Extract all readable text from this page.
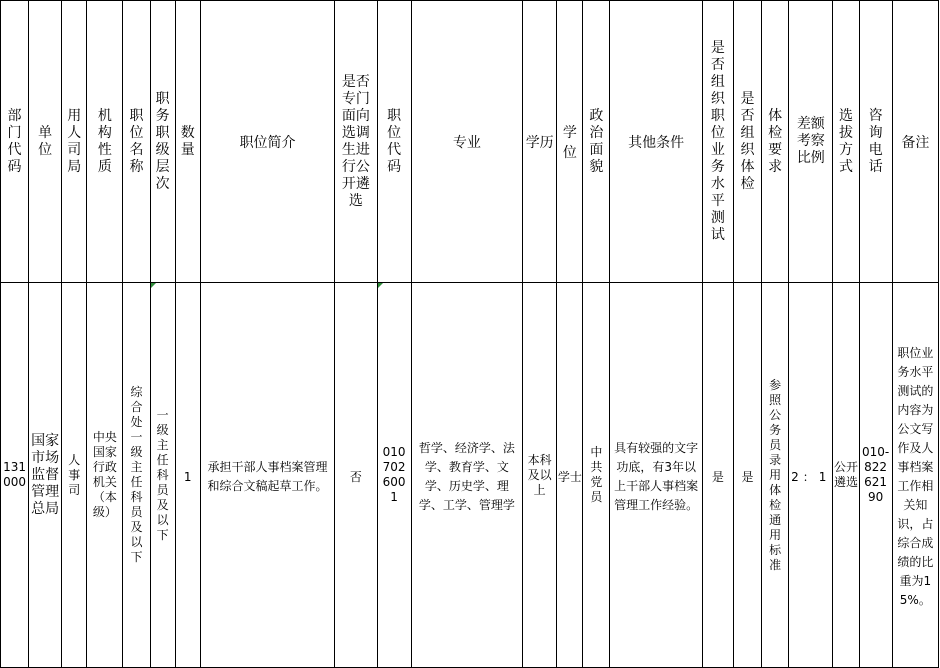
部门代码	单位	用人司局	机构性质	职位名称	职务职级层次	数量	职位简介	是否专门面向选调生进行公开遴选	职位代码	专业	学历	学位	政治面貌	其他条件	是否组织职位业务水平测试	是否组织体检	体检要求	差额考察比例	选拔方式	咨询电话	备注
131000	国家市场监督管理总局	人事司	中央国家行政机关（本级）	综合处一级主任科员及以下	一级主任科员及以下	1	承担干部人事档案管理和综合文稿起草工作。	否	010702600 1	哲学、经济学、法学、教育学、文学、历史学、理学、工学、管理学	本科及以上	学士	中共党员	具有较强的文字功底，有3年以上干部人事档案管理工作经验。	是	是	参照公务员录用体检通用标准	2：1	公开遴选	010-82262190	职位业务水平测试的内容为公文写作及人事档案工作相关知识，占综合成绩的比重为15%。
